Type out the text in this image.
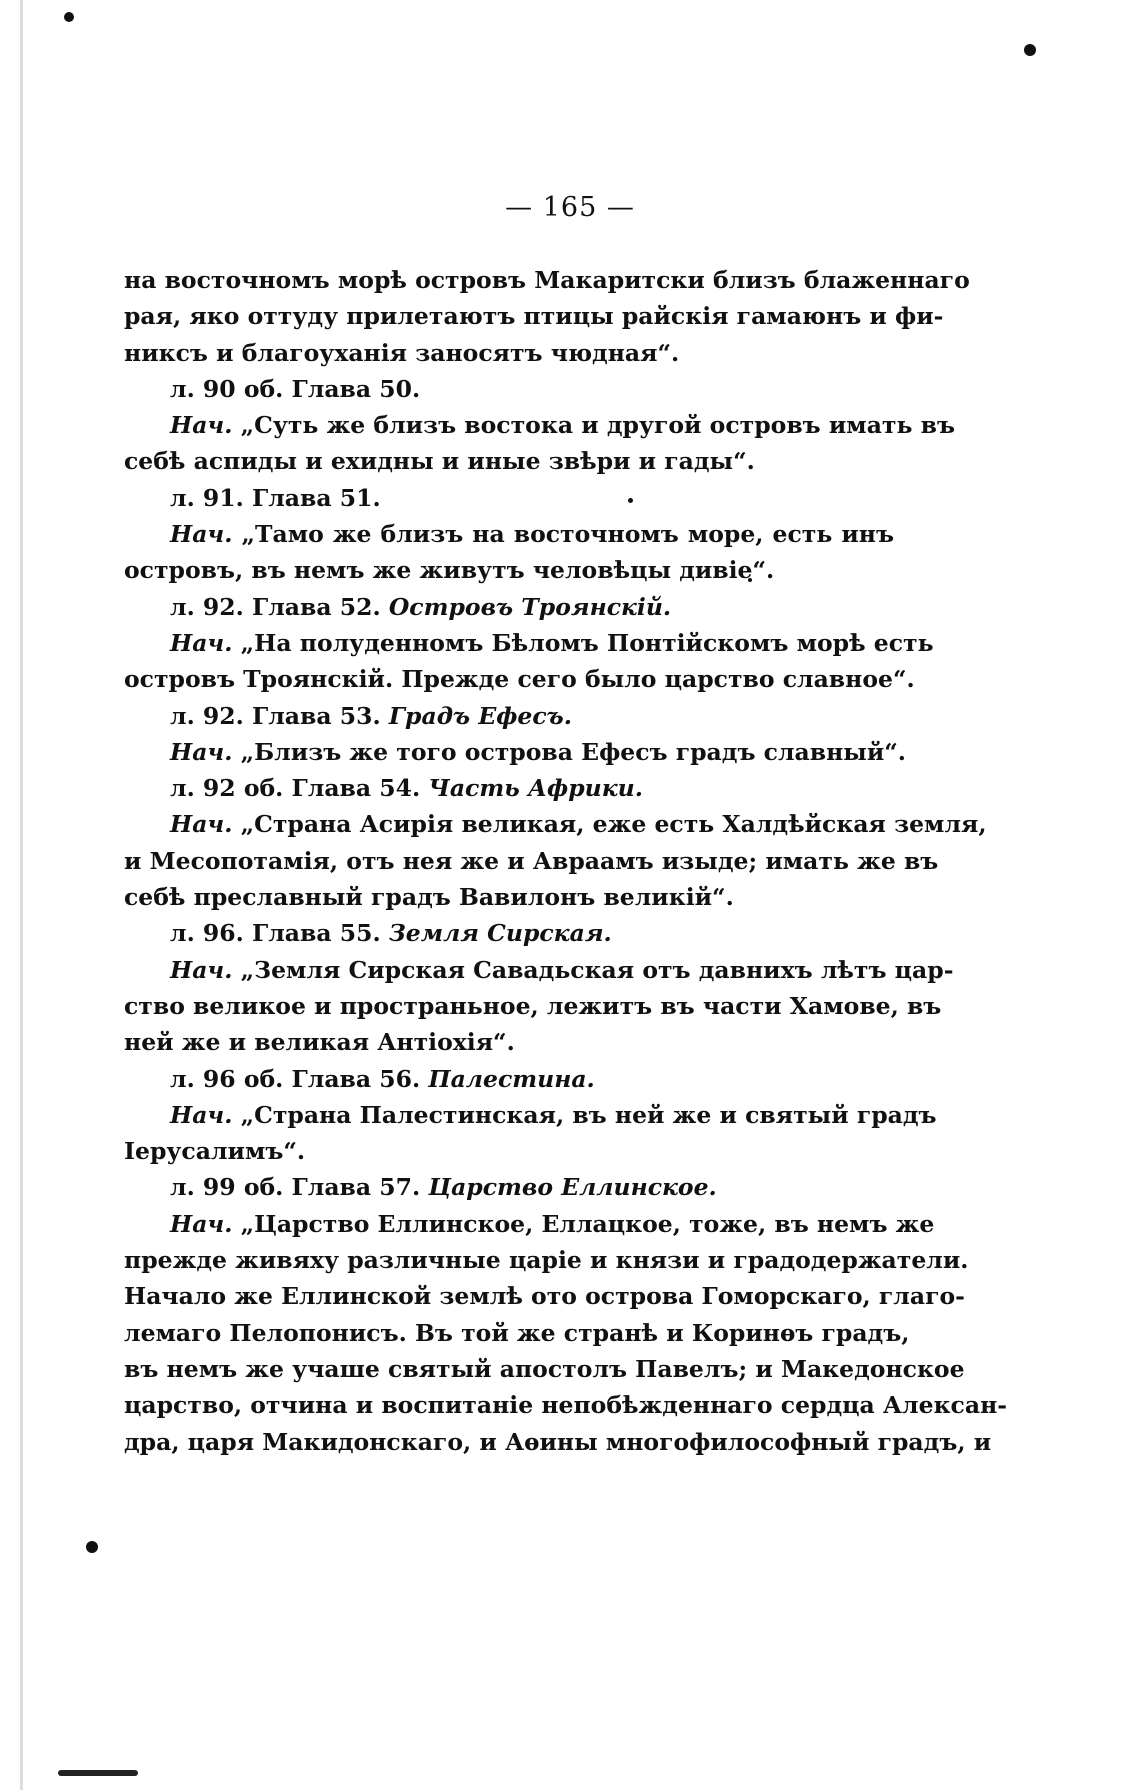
— 165 —
на восточномъ морѣ островъ Макаритски близъ блаженнаго
рая, яко оттуду прилетаютъ птицы райскія гамаюнъ и фи-
никсъ и благоуханія заносятъ чюдная“.
л. 90 об. Глава 50.
Нач. „Суть же близъ востока и другой островъ имать въ
себѣ аспиды и ехидны и иные звѣри и гады“.
л. 91. Глава 51.
Нач. „Тамо же близъ на восточномъ море, есть инъ
островъ, въ немъ же живутъ человѣцы дивіе“.
л. 92. Глава 52. Островъ Троянскій.
Нач. „На полуденномъ Бѣломъ Понтійскомъ морѣ есть
островъ Троянскій. Прежде сего было царство славное“.
л. 92. Глава 53. Градъ Ефесъ.
Нач. „Близъ же того острова Ефесъ градъ славный“.
л. 92 об. Глава 54. Часть Африки.
Нач. „Страна Асирія великая, еже есть Халдѣйская земля,
и Месопотамія, отъ нея же и Авраамъ изыде; имать же въ
себѣ преславный градъ Вавилонъ великій“.
л. 96. Глава 55. Земля Сирская.
Нач. „Земля Сирская Савадьская отъ давнихъ лѣтъ цар-
ство великое и пространьное, лежитъ въ части Хамове, въ
ней же и великая Антіохія“.
л. 96 об. Глава 56. Палестина.
Нач. „Страна Палестинская, въ ней же и святый градъ
Іерусалимъ“.
л. 99 об. Глава 57. Царство Еллинское.
Нач. „Царство Еллинское, Еллацкое, тоже, въ немъ же
прежде живяху различные царіе и князи и градодержатели.
Начало же Еллинской землѣ ото острова Гоморскаго, глаго-
лемаго Пелопонисъ. Въ той же странѣ и Коринѳъ градъ,
въ немъ же учаше святый апостолъ Павелъ; и Македонское
царство, отчина и воспитаніе непобѣжденнаго сердца Алексан-
дра, царя Макидонскаго, и Аѳины многофилософный градъ, и
